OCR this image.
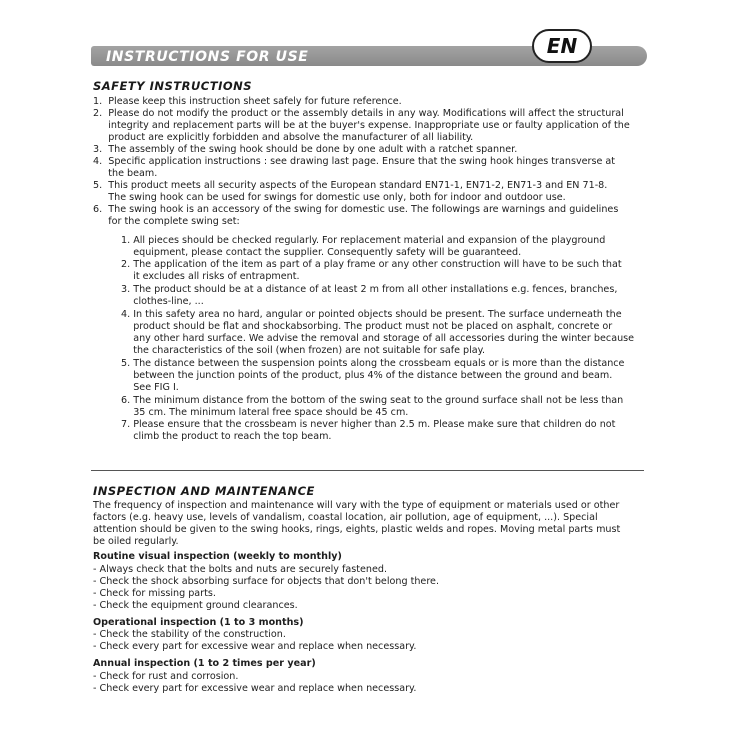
INSTRUCTIONS FOR USE	EN
SAFETY INSTRUCTIONS

1.  Please keep this instruction sheet safely for future reference.

2.  Please do not modify the product or the assembly details in any way. Modifications will affect the structural

integrity and replacement parts will be at the buyer's expense. Inappropriate use or faulty application of the

product are explicitly forbidden and absolve the manufacturer of all liability.

3.  The assembly of the swing hook should be done by one adult with a ratchet spanner.

4.  Specific application instructions : see drawing last page. Ensure that the swing hook hinges transverse at

the beam.

5.  This product meets all security aspects of the European standard EN71-1, EN71-2, EN71-3 and EN 71-8.

The swing hook can be used for swings for domestic use only, both for indoor and outdoor use.

6.  The swing hook is an accessory of the swing for domestic use. The followings are warnings and guidelines

for the complete swing set:

1. All pieces should be checked regularly. For replacement material and expansion of the playground

equipment, please contact the supplier. Consequently safety will be guaranteed.

2. The application of the item as part of a play frame or any other construction will have to be such that

it excludes all risks of entrapment.

3. The product should be at a distance of at least 2 m from all other installations e.g. fences, branches,

clothes-line, ...

4. In this safety area no hard, angular or pointed objects should be present. The surface underneath the

product should be flat and shockabsorbing. The product must not be placed on asphalt, concrete or

any other hard surface. We advise the removal and storage of all accessories during the winter because

the characteristics of the soil (when frozen) are not suitable for safe play.

5. The distance between the suspension points along the crossbeam equals or is more than the distance

between the junction points of the product, plus 4% of the distance between the ground and beam.

See FIG I.

6. The minimum distance from the bottom of the swing seat to the ground surface shall not be less than

35 cm. The minimum lateral free space should be 45 cm.

7. Please ensure that the crossbeam is never higher than 2.5 m. Please make sure that children do not

climb the product to reach the top beam.

INSPECTION AND MAINTENANCE

The frequency of inspection and maintenance will vary with the type of equipment or materials used or other

factors (e.g. heavy use, levels of vandalism, coastal location, air pollution, age of equipment, ...). Special

attention should be given to the swing hooks, rings, eights, plastic welds and ropes. Moving metal parts must

be oiled regularly.

Routine visual inspection (weekly to monthly)

- Always check that the bolts and nuts are securely fastened.

- Check the shock absorbing surface for objects that don't belong there.

- Check for missing parts.

- Check the equipment ground clearances.

Operational inspection (1 to 3 months)

- Check the stability of the construction.

- Check every part for excessive wear and replace when necessary.

Annual inspection (1 to 2 times per year)

- Check for rust and corrosion.

- Check every part for excessive wear and replace when necessary.
